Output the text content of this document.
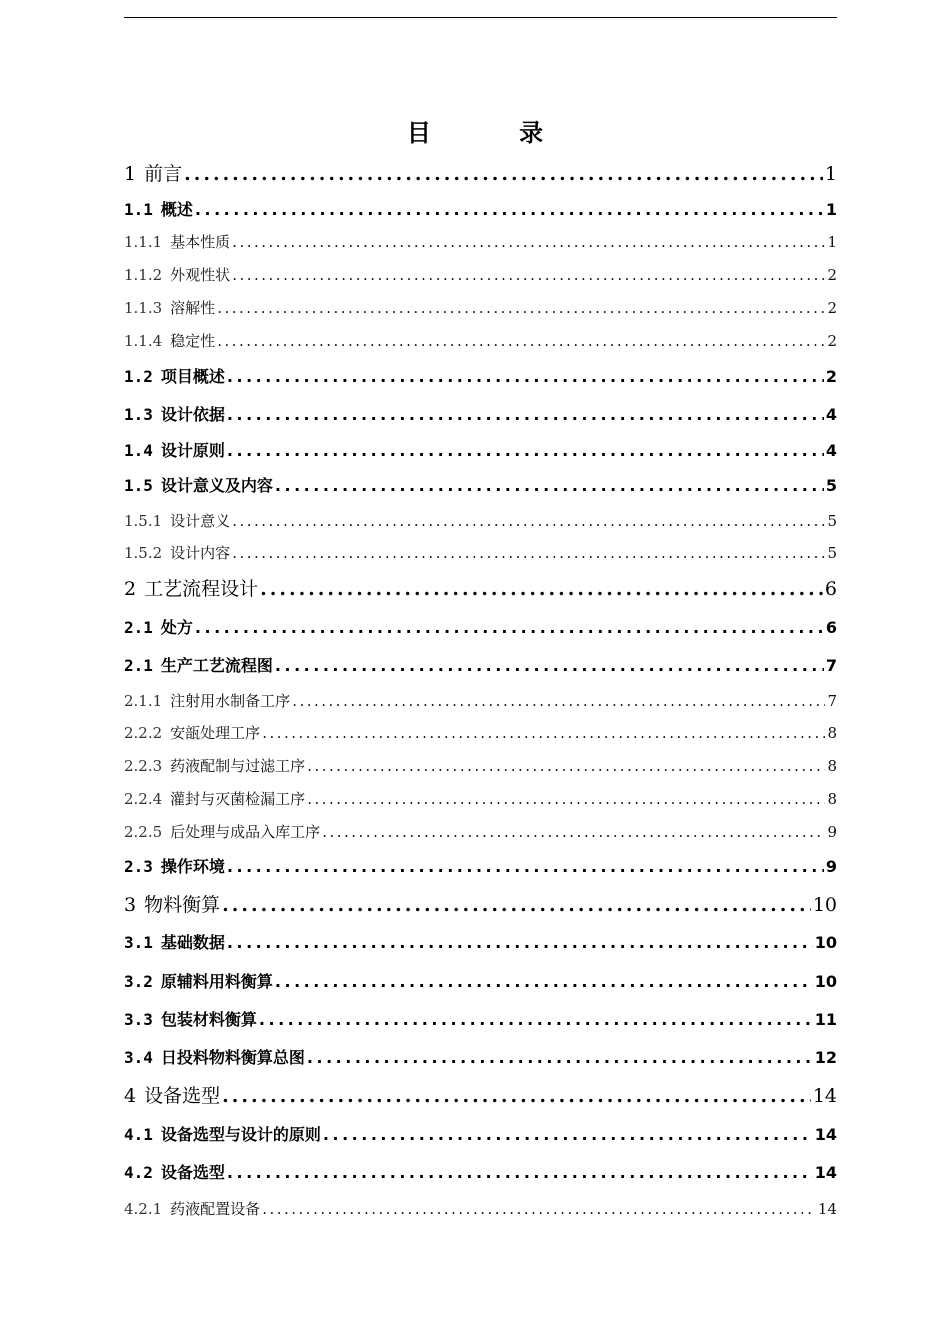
目 录
1 前言 .....	1
1.1 概述 .....	1
1.1.1 基本性质 .....	1
1.1.2 外观性状 .....	2
1.1.3 溶解性 .....	2
1.1.4 稳定性 .....	2
1.2 项目概述 .....	2
1.3 设计依据 .....	4
1.4 设计原则 .....	4
1.5 设计意义及内容 .....	5
1.5.1 设计意义 .....	5
1.5.2 设计内容 .....	5
2 工艺流程设计 .....	6
2.1 处方 .....	6
2.1 生产工艺流程图 .....	7
2.1.1 注射用水制备工序 .....	7
2.2.2 安瓿处理工序 .....	8
2.2.3 药液配制与过滤工序 .....	8
2.2.4 灌封与灭菌检漏工序 .....	8
2.2.5 后处理与成品入库工序 .....	9
2.3 操作环境 .....	9
3 物料衡算 .....	10
3.1 基础数据 .....	10
3.2 原辅料用料衡算 .....	10
3.3 包装材料衡算 .....	11
3.4 日投料物料衡算总图 .....	12
4 设备选型 .....	14
4.1 设备选型与设计的原则 .....	14
4.2 设备选型 .....	14
4.2.1 药液配置设备 .....	14
